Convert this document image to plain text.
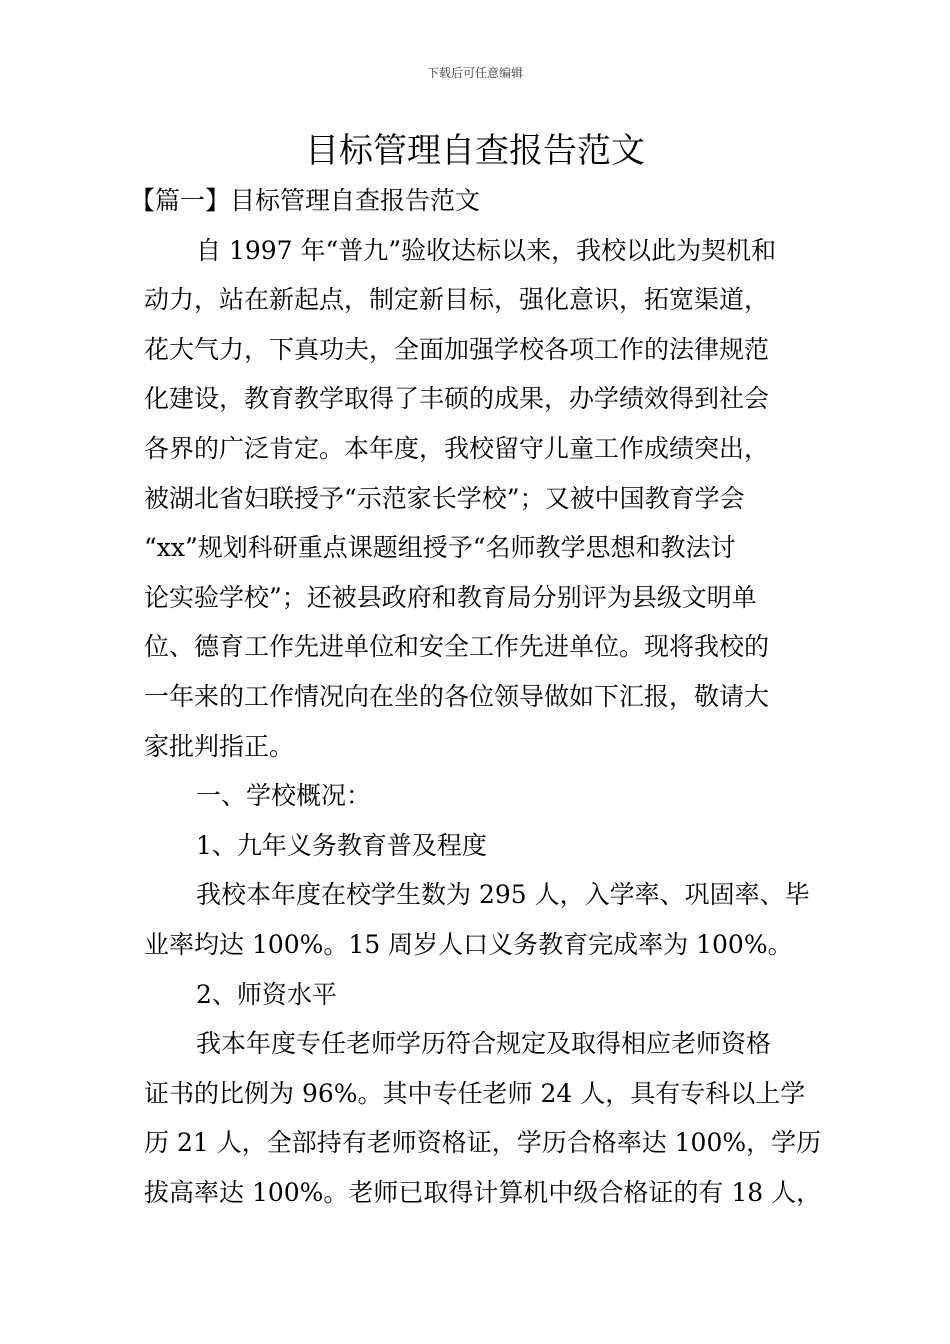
下载后可任意编辑
目标管理自查报告范文
【篇一】目标管理自查报告范文
自 1997 年“普九”验收达标以来，我校以此为契机和
动力，站在新起点，制定新目标，强化意识，拓宽渠道，
花大气力，下真功夫，全面加强学校各项工作的法律规范
化建设，教育教学取得了丰硕的成果，办学绩效得到社会
各界的广泛肯定。本年度，我校留守儿童工作成绩突出，
被湖北省妇联授予“示范家长学校”；又被中国教育学会
“xx”规划科研重点课题组授予“名师教学思想和教法讨
论实验学校”；还被县政府和教育局分别评为县级文明单
位、德育工作先进单位和安全工作先进单位。现将我校的
一年来的工作情况向在坐的各位领导做如下汇报，敬请大
家批判指正。
一、学校概况：
1、九年义务教育普及程度
我校本年度在校学生数为 295 人，入学率、巩固率、毕
业率均达 100%。15 周岁人口义务教育完成率为 100%。
2、师资水平
我本年度专任老师学历符合规定及取得相应老师资格
证书的比例为 96%。其中专任老师 24 人，具有专科以上学
历 21 人，全部持有老师资格证，学历合格率达 100%，学历
拔高率达 100%。老师已取得计算机中级合格证的有 18 人，
